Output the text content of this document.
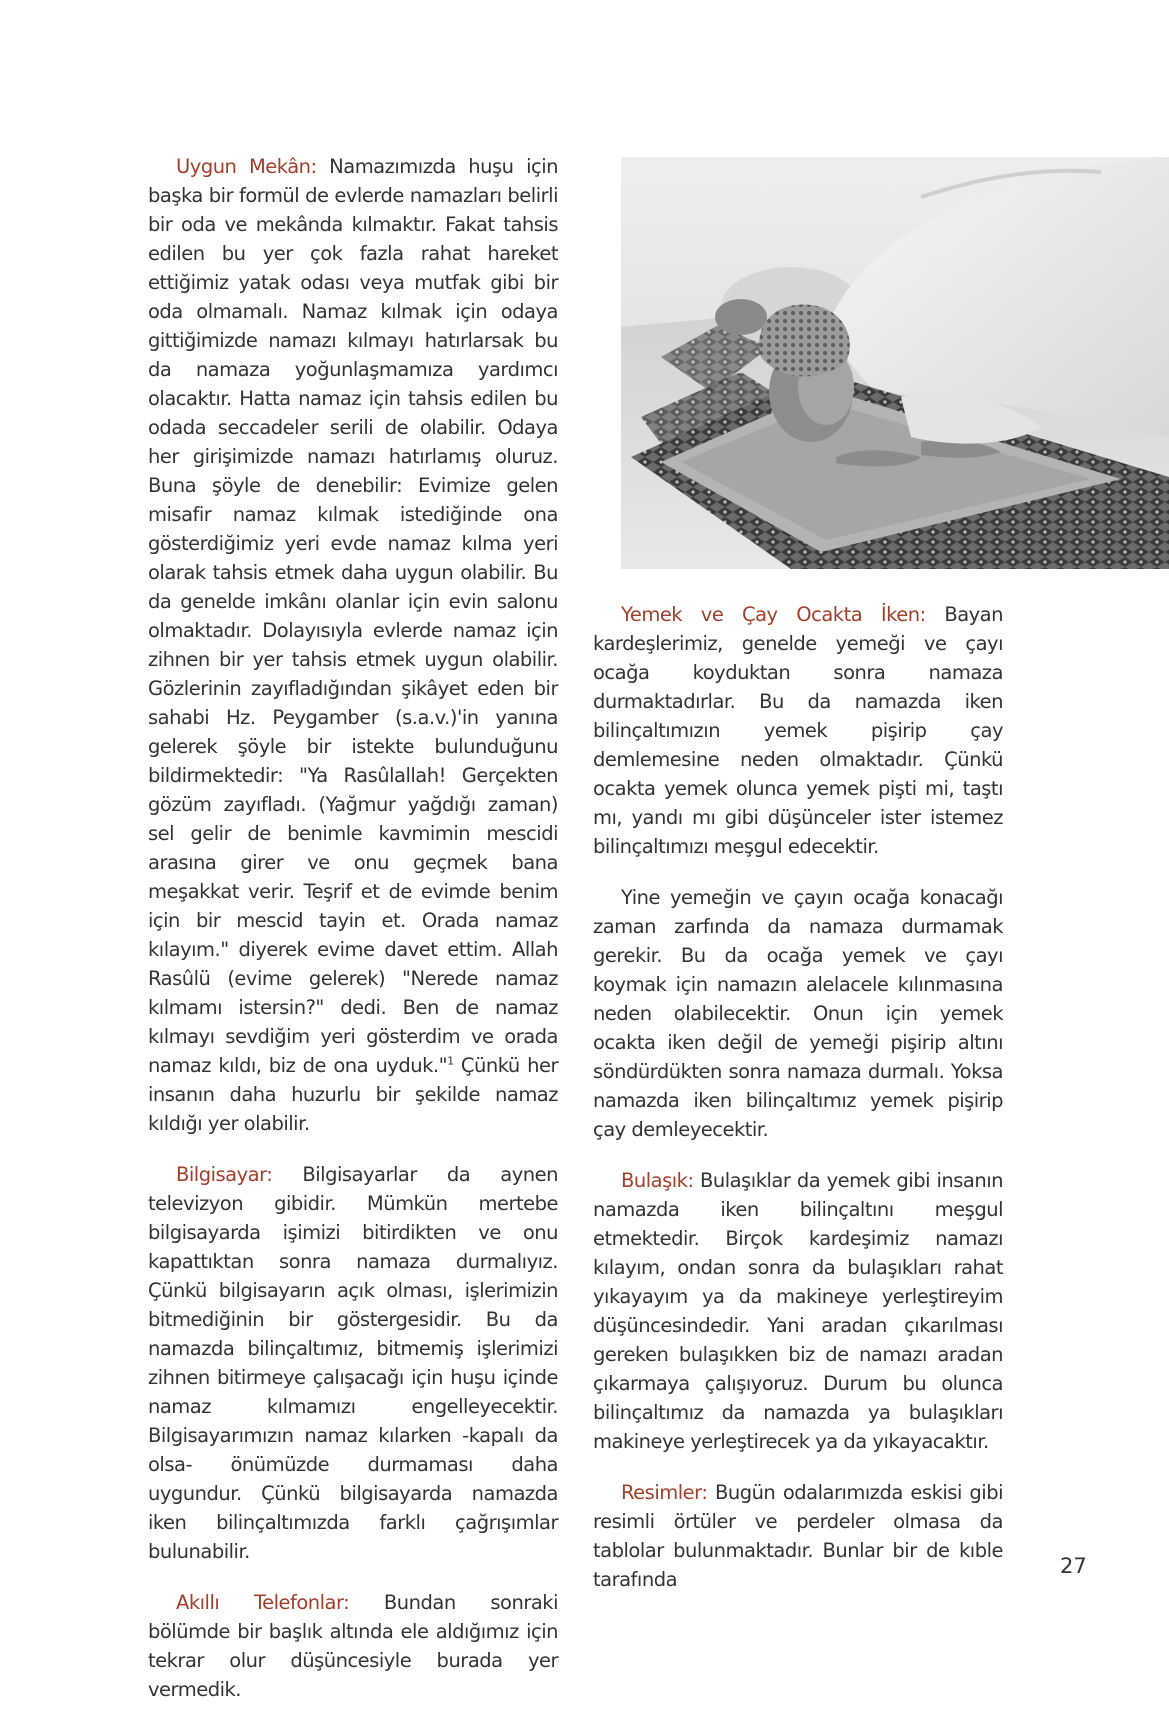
Uygun Mekân: Namazımızda huşu için başka bir formül de evlerde namazları belirli bir oda ve mekânda kılmaktır. Fakat tahsis edilen bu yer çok fazla rahat hareket ettiğimiz yatak odası veya mutfak gibi bir oda olmamalı. Namaz kılmak için odaya gittiğimizde namazı kılmayı hatırlarsak bu da namaza yoğunlaşmamıza yardımcı olacaktır. Hatta namaz için tahsis edilen bu odada seccadeler serili de olabilir. Odaya her girişimizde namazı hatırlamış oluruz. Buna şöyle de denebilir: Evimize gelen misafir namaz kılmak istediğinde ona gösterdiğimiz yeri evde namaz kılma yeri olarak tahsis etmek daha uygun olabilir. Bu da genelde imkânı olanlar için evin salonu olmaktadır. Dolayısıyla evlerde namaz için zihnen bir yer tahsis etmek uygun olabilir. Gözlerinin zayıfladığından şikâyet eden bir sahabi Hz. Peygamber (s.a.v.)'in yanına gelerek şöyle bir istekte bulunduğunu bildirmektedir: "Ya Rasûlallah! Gerçekten gözüm zayıfladı. (Yağmur yağdığı zaman) sel gelir de benimle kavmimin mescidi arasına girer ve onu geçmek bana meşakkat verir. Teşrif et de evimde benim için bir mescid tayin et. Orada namaz kılayım." diyerek evime davet ettim. Allah Rasûlü (evime gelerek) "Nerede namaz kılmamı istersin?" dedi. Ben de namaz kılmayı sevdiğim yeri gösterdim ve orada namaz kıldı, biz de ona uyduk."$^1$ Çünkü her insanın daha huzurlu bir şekilde namaz kıldığı yer olabilir.

Bilgisayar: Bilgisayarlar da aynen televizyon gibidir. Mümkün mertebe bilgisayarda işimizi bitirdikten ve onu kapattıktan sonra namaza durmalıyız. Çünkü bilgisayarın açık olması, işlerimizin bitmediğinin bir göstergesidir. Bu da namazda bilinçaltımız, bitmemiş işlerimizi zihnen bitirmeye çalışacağı için huşu içinde namaz kılmamızı engelleyecektir. Bilgisayarımızın namaz kılarken -kapalı da olsa- önümüzde durmaması daha uygundur. Çünkü bilgisayarda namazda iken bilinçaltımızda farklı çağrışımlar bulunabilir.

Akıllı Telefonlar: Bundan sonraki bölümde bir başlık altında ele aldığımız için tekrar olur düşüncesiyle burada yer vermedik.

Yemek ve Çay Ocakta İken: Bayan kardeşlerimiz, genelde yemeği ve çayı ocağa koyduktan sonra namaza durmaktadırlar. Bu da namazda iken bilinçaltımızın yemek pişirip çay demlemesine neden olmaktadır. Çünkü ocakta yemek olunca yemek pişti mi, taştı mı, yandı mı gibi düşünceler ister istemez bilinçaltımızı meşgul edecektir.

Yine yemeğin ve çayın ocağa konacağı zaman zarfında da namaza durmamak gerekir. Bu da ocağa yemek ve çayı koymak için namazın alelacele kılınmasına neden olabilecektir. Onun için yemek ocakta iken değil de yemeği pişirip altını söndürdükten sonra namaza durmalı. Yoksa namazda iken bilinçaltımız yemek pişirip çay demleyecektir.

Bulaşık: Bulaşıklar da yemek gibi insanın namazda iken bilinçaltını meşgul etmektedir. Birçok kardeşimiz namazı kılayım, ondan sonra da bulaşıkları rahat yıkayayım ya da makineye yerleştireyim düşüncesindedir. Yani aradan çıkarılması gereken bulaşıkken biz de namazı aradan çıkarmaya çalışıyoruz. Durum bu olunca bilinçaltımız da namazda ya bulaşıkları makineye yerleştirecek ya da yıkayacaktır.

Resimler: Bugün odalarımızda eskisi gibi resimli örtüler ve perdeler olmasa da tablolar bulunmaktadır. Bunlar bir de kıble tarafında

27
